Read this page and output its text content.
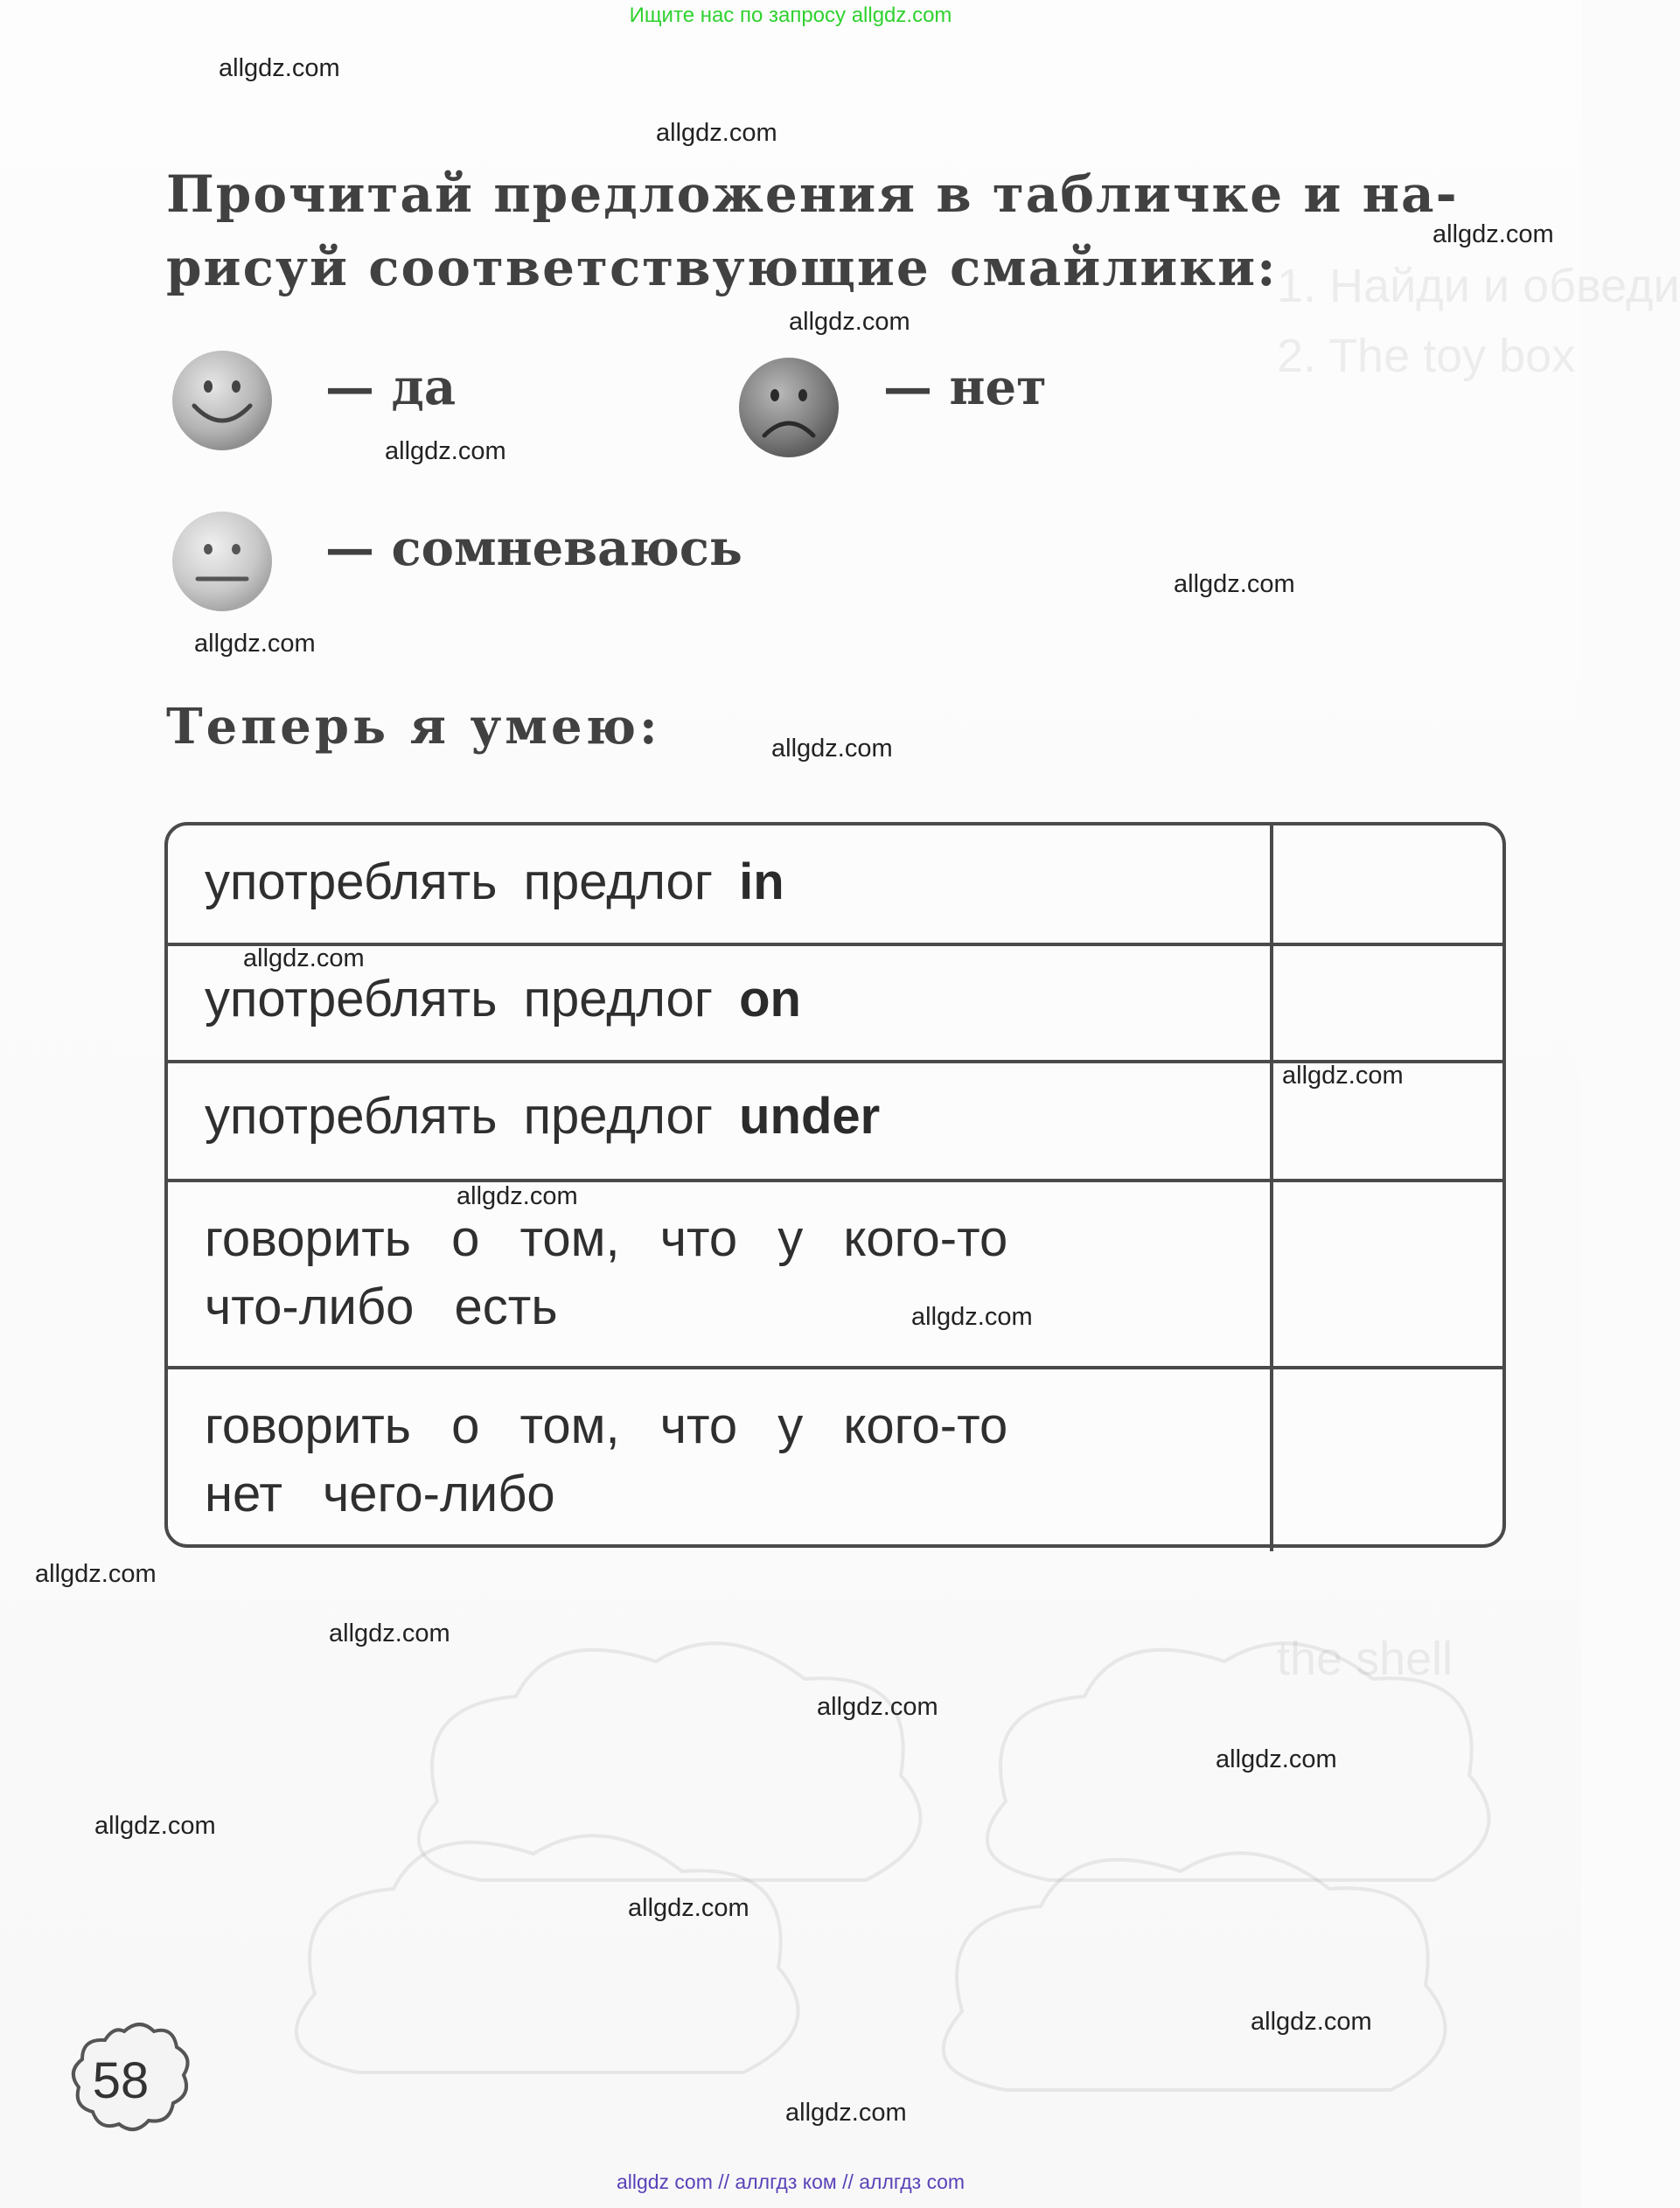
1. Найди и обведи
2. The toy box
the shell
Ищите нас по запросу allgdz.com
Прочитай предложения в табличке и на-
рисуй соответствующие смайлики:
— да	— нет
— сомневаюсь
Теперь я умею:
употреблять предлог in
употреблять предлог on
употреблять предлог under
говорить о том, что у кого-то
что-либо есть
говорить о том, что у кого-то
нет чего-либо
58
allgdz.com
allgdz.com
allgdz.com
allgdz.com
allgdz.com
allgdz.com
allgdz.com
allgdz.com
allgdz.com
allgdz.com
allgdz.com
allgdz.com
allgdz.com
allgdz.com
allgdz.com
allgdz.com
allgdz.com
allgdz.com
allgdz.com
allgdz.com
allgdz com // аллгдз ком // аллгдз com
